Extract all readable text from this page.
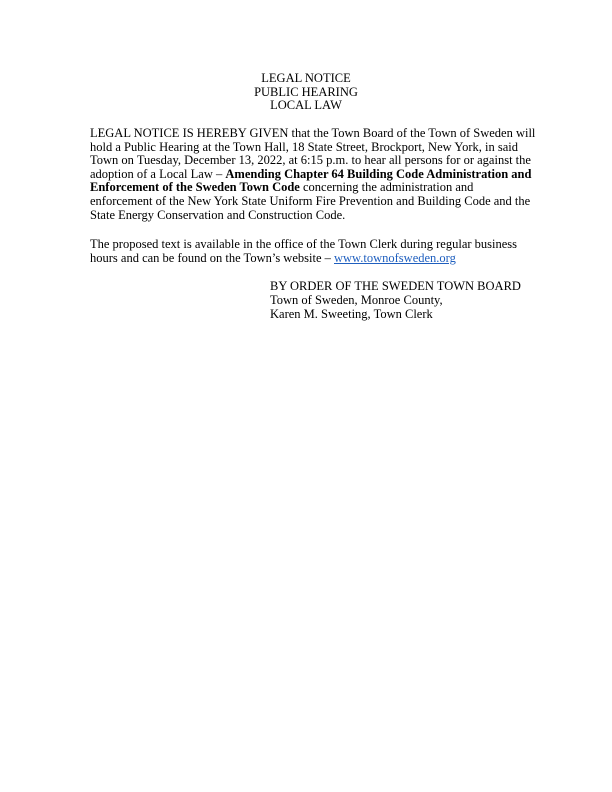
LEGAL NOTICE
PUBLIC HEARING
LOCAL LAW
LEGAL NOTICE IS HEREBY GIVEN that the Town Board of the Town of Sweden will
hold a Public Hearing at the Town Hall, 18 State Street, Brockport, New York, in said
Town on Tuesday, December 13, 2022, at 6:15 p.m. to hear all persons for or against the
adoption of a Local Law – Amending Chapter 64 Building Code Administration and
Enforcement of the Sweden Town Code concerning the administration and
enforcement of the New York State Uniform Fire Prevention and Building Code and the
State Energy Conservation and Construction Code.
The proposed text is available in the office of the Town Clerk during regular business
hours and can be found on the Town’s website – www.townofsweden.org
BY ORDER OF THE SWEDEN TOWN BOARD
Town of Sweden, Monroe County,
Karen M. Sweeting, Town Clerk
